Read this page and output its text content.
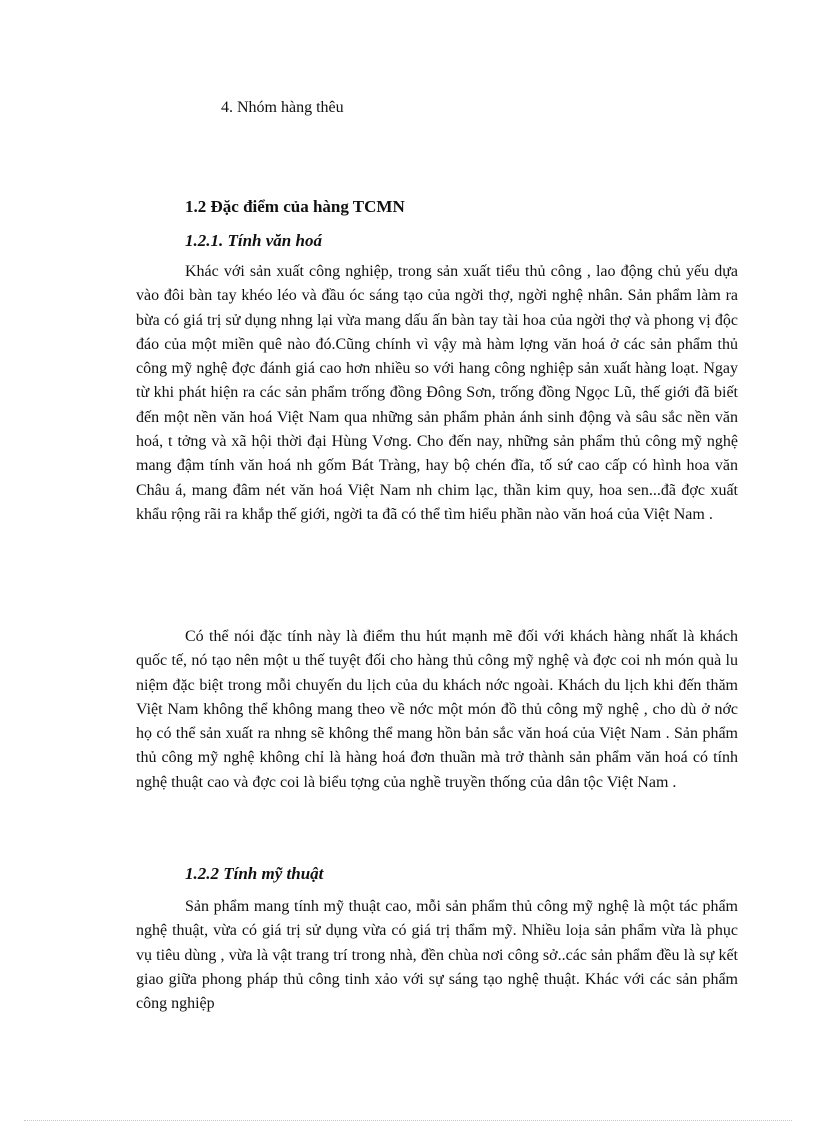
4. Nhóm hàng thêu

1.2 Đặc điểm của hàng TCMN
1.2.1. Tính văn hoá

Khác với sản xuất công nghiệp, trong sản xuất tiểu thủ công , lao động chủ yếu dựa vào đôi bàn tay khéo léo và đầu óc sáng tạo của ngời thợ, ngời nghệ nhân. Sản phẩm làm ra bừa có giá trị sử dụng nhng lại vừa mang dấu ấn bàn tay tài hoa của ngời thợ và phong vị độc đáo của một miền quê nào đó.Cũng chính vì vậy mà hàm lợng văn hoá ở các sản phẩm thủ công mỹ nghệ đợc đánh giá cao hơn nhiều so với hang công nghiệp sản xuất hàng loạt. Ngay từ khi phát hiện ra các sản phẩm trống đồng Đông Sơn, trống đồng Ngọc Lũ, thế giới đã biết đến một nền văn hoá Việt Nam qua những sản phẩm phản ánh sinh động và sâu sắc nền văn hoá, t tởng và xã hội thời đại Hùng Vơng. Cho đến nay, những sản phẩm thủ công mỹ nghệ mang đậm tính văn hoá nh gốm Bát Tràng, hay bộ chén đĩa, tố sứ cao cấp có hình hoa văn Châu á, mang đâm nét văn hoá Việt Nam nh chim lạc, thần kim quy, hoa sen...đã đợc xuất khẩu rộng rãi ra khắp thế giới, ngời ta đã có thể tìm hiểu phần nào văn hoá của Việt Nam .

Có thể nói đặc tính này là điểm thu hút mạnh mẽ đối với khách hàng nhất là khách quốc tế, nó tạo nên một u thế tuyệt đối cho hàng thủ công mỹ nghệ và đợc coi nh món quà lu niệm đặc biệt trong mỗi chuyến du lịch của du khách nớc ngoài. Khách du lịch khi đến thăm Việt Nam không thể không mang theo về nớc một món đồ thủ công mỹ nghệ , cho dù ở nớc họ có thể sản xuất ra nhng sẽ không thể mang hồn bản sắc văn hoá của Việt Nam . Sản phẩm thủ công mỹ nghệ không chỉ là hàng hoá đơn thuần mà trở thành sản phẩm văn hoá có tính nghệ thuật cao và đợc coi là biểu tợng của nghề truyền thống của dân tộc Việt Nam .

1.2.2 Tính mỹ thuật

Sản phẩm mang tính mỹ thuật cao, mỗi sản phẩm thủ công mỹ nghệ là một tác phẩm nghệ thuật, vừa có giá trị sử dụng vừa có giá trị thẩm mỹ. Nhiều loịa sản phẩm vừa là phục vụ tiêu dùng , vừa là vật trang trí trong nhà, đền chùa nơi công sở..các sản phẩm đều là sự kết giao giữa phong pháp thủ công tinh xảo với sự sáng tạo nghệ thuật. Khác với các sản phẩm công nghiệp
